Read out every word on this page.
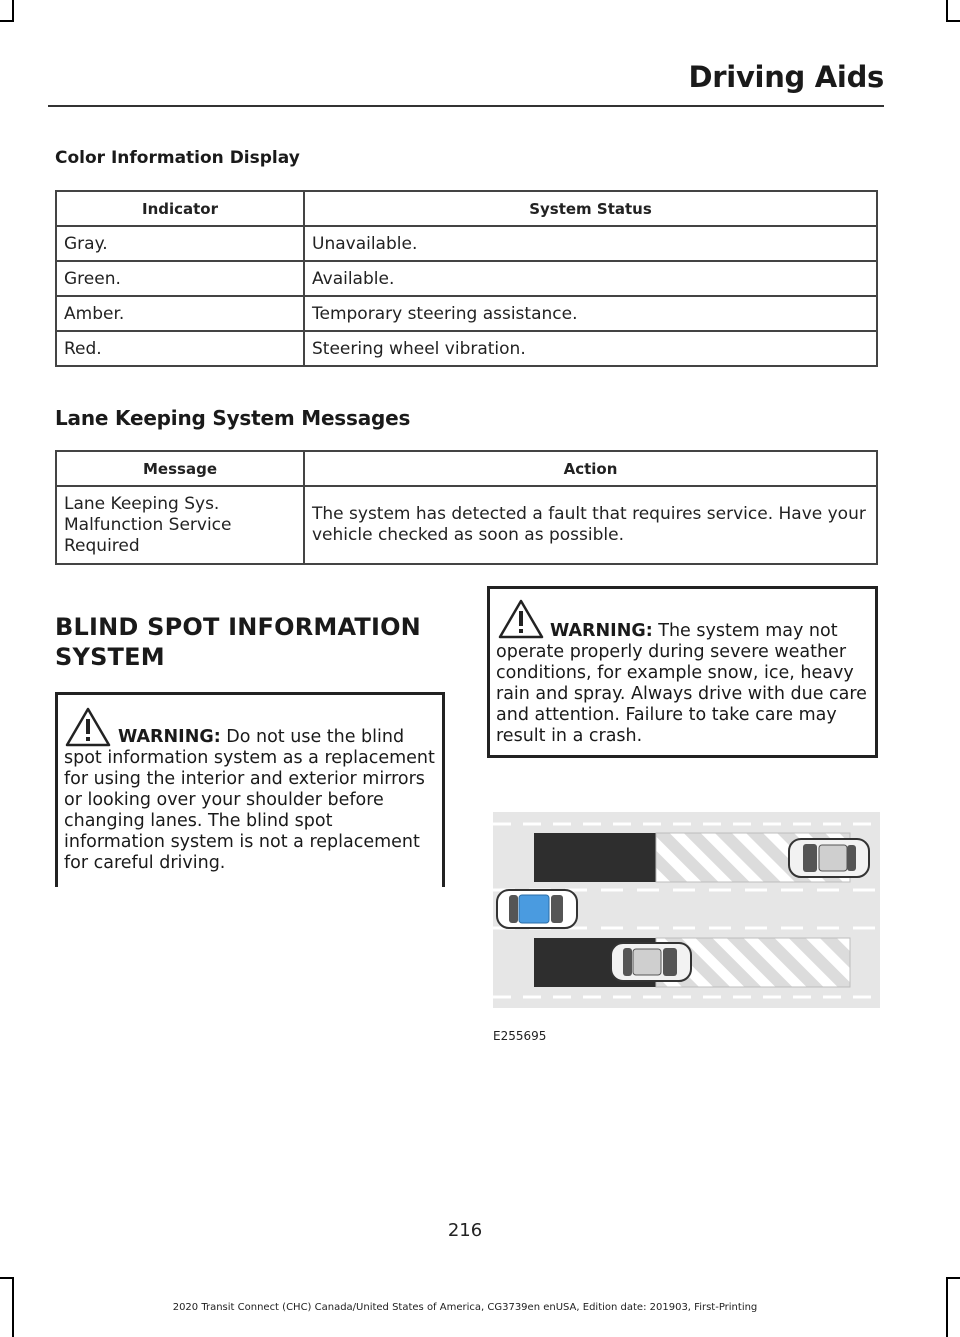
Driving Aids
Color Information Display
Indicator	System Status
Gray.	Unavailable.
Green.	Available.
Amber.	Temporary steering assistance.
Red.	Steering wheel vibration.
Lane Keeping System Messages
Message	Action
Lane Keeping Sys. Malfunction Service Required	The system has detected a fault that requires service. Have your vehicle checked as soon as possible.
BLIND SPOT INFORMATION SYSTEM
WARNING: Do not use the blind spot information system as a replacement for using the interior and exterior mirrors or looking over your shoulder before changing lanes. The blind spot information system is not a replacement for careful driving.
WARNING: The system may not operate properly during severe weather conditions, for example snow, ice, heavy rain and spray. Always drive with due care and attention. Failure to take care may result in a crash.
E255695
216
2020 Transit Connect (CHC) Canada/United States of America, CG3739en enUSA, Edition date: 201903, First-Printing
